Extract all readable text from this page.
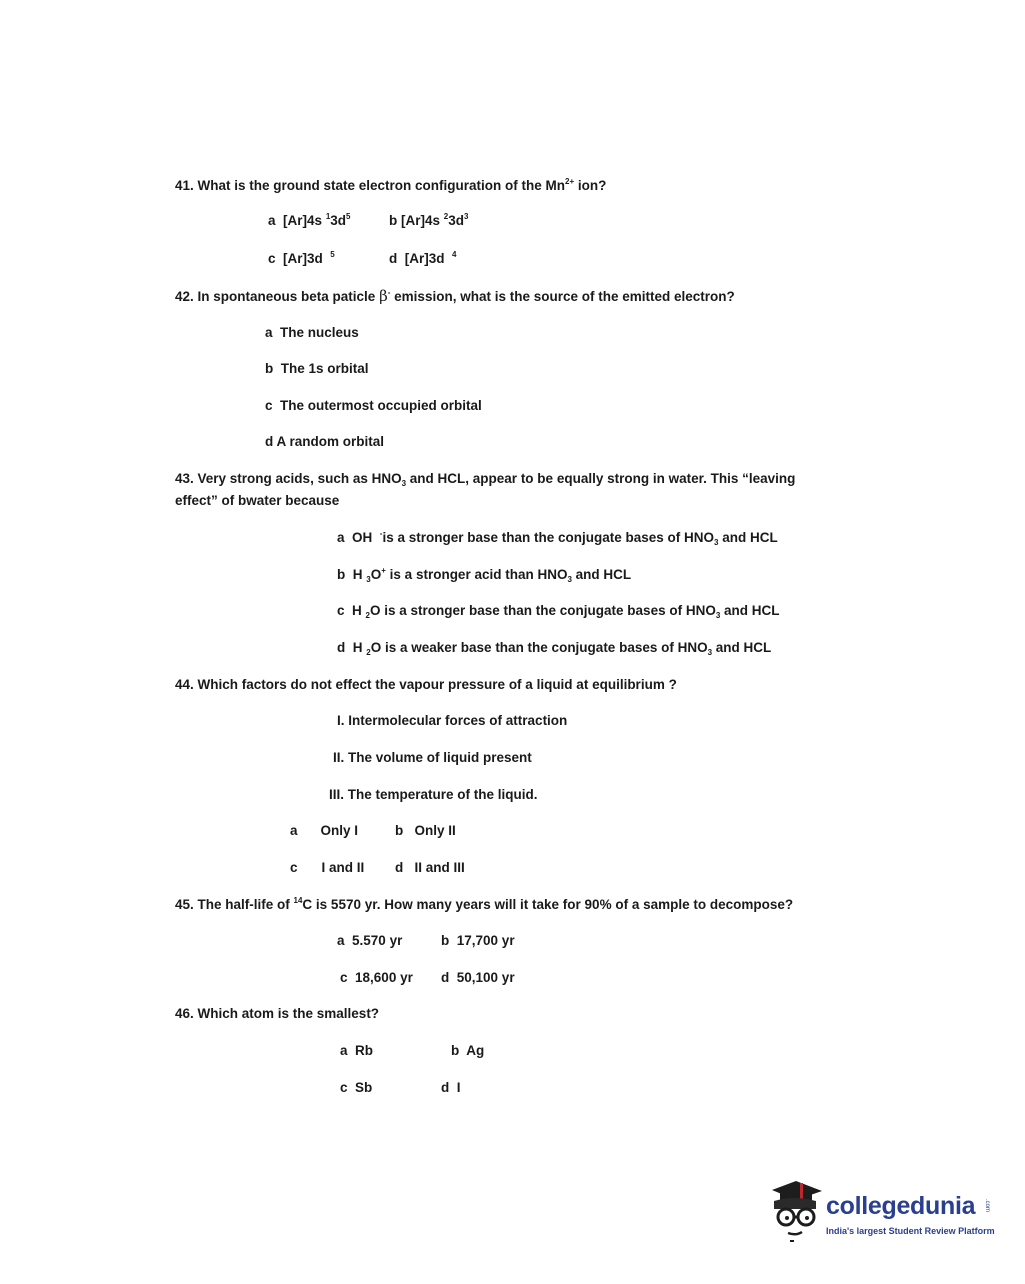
41. What is the ground state electron configuration of the $Mn^{2+}$ ion?
a [Ar]4s $^13d^5$	b [Ar]4s $^23d^3$
c [Ar]3d $^5$	d [Ar]3d $^4$
42. In spontaneous beta paticle β- emission, what is the source of the emitted electron?
a The nucleus
b The 1s orbital
c The outermost occupied orbital
d A random orbital
43. Very strong acids, such as $HNO_3$ and HCL, appear to be equally strong in water. This “leaving
effect” of bwater because
a OH -is a stronger base than the conjugate bases of $HNO_3$ and HCL
b H $_3$O+ is a stronger acid than $HNO_3$ and HCL
c H $_2$O is a stronger base than the conjugate bases of $HNO_3$ and HCL
d H $_2$O is a weaker base than the conjugate bases of $HNO_3$ and HCL
44. Which factors do not effect the vapour pressure of a liquid at equilibrium ?
I. Intermolecular forces of attraction
II. The volume of liquid present
III. The temperature of the liquid.
a Only I	b Only II
c I and II d II and III
45. The half-life of $^{14}$C is 5570 yr. How many years will it take for 90% of a sample to decompose?
a 5.570 yr	b 17,700 yr
c 18,600 yr d 50,100 yr
46. Which atom is the smallest?
a Rb	b Ag
c Sb	d I
collegedunia .com
India's largest Student Review Platform
